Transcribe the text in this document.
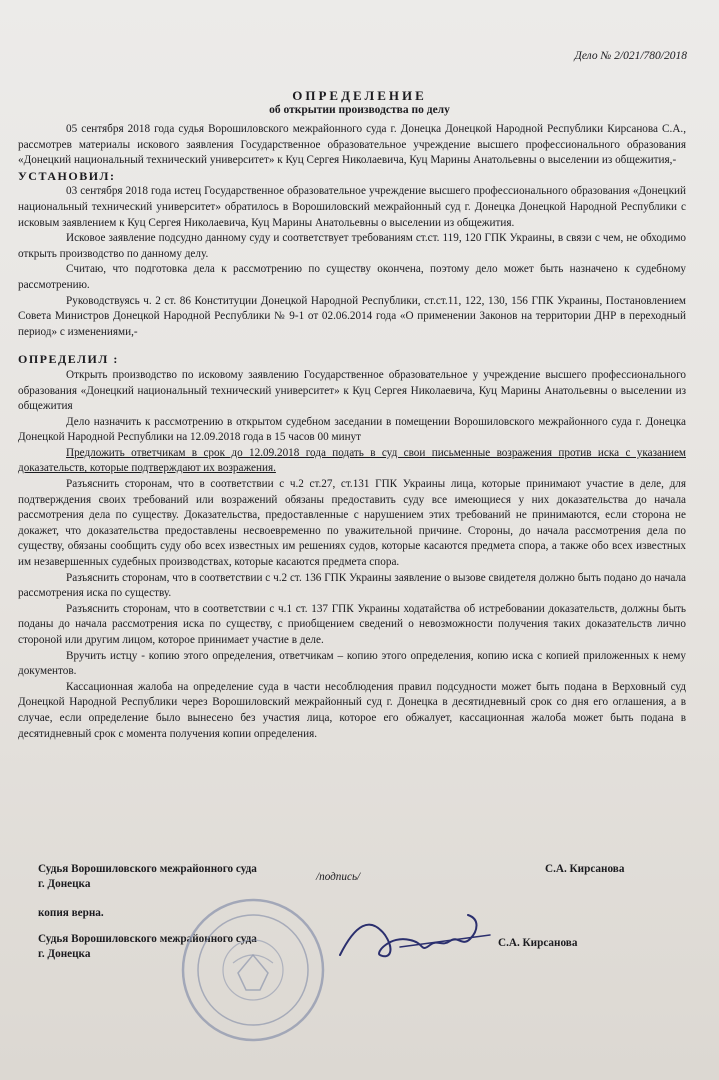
Дело № 2/021/780/2018
ОПРЕДЕЛЕНИЕ
об открытии производства по делу

05 сентября 2018 года судья Ворошиловского межрайонного суда г. Донецка Донецкой Народной Республики Кирсанова С.А., рассмотрев материалы искового заявления Государственное образовательное учреждение высшего профессионального образования «Донецкий национальный технический университет» к Куц Сергея Николаевича, Куц Марины Анатольевны о выселении из общежития,-

УСТАНОВИЛ:

03 сентября 2018 года истец Государственное образовательное учреждение высшего профессионального образования «Донецкий национальный технический университет» обратилось в Ворошиловский межрайонный суд г. Донецка Донецкой Народной Республики с исковым заявлением к Куц Сергея Николаевича, Куц Марины Анатольевны о выселении из общежития.

Исковое заявление подсудно данному суду и соответствует требованиям ст.ст. 119, 120 ГПК Украины, в связи с чем, не обходимо открыть производство по данному делу.

Считаю, что подготовка дела к рассмотрению по существу окончена, поэтому дело может быть назначено к судебному рассмотрению.

Руководствуясь ч. 2 ст. 86 Конституции Донецкой Народной Республики, ст.ст.11, 122, 130, 156 ГПК Украины, Постановлением Совета Министров Донецкой Народной Республики № 9-1 от 02.06.2014 года «О применении Законов на территории ДНР в переходный период» с изменениями,-

ОПРЕДЕЛИЛ :

Открыть производство по исковому заявлению Государственное образовательное у учреждение высшего профессионального образования «Донецкий национальный технический университет» к Куц Сергея Николаевича, Куц Марины Анатольевны о выселении из общежития

Дело назначить к рассмотрению в открытом судебном заседании в помещении Ворошиловского межрайонного суда г. Донецка Донецкой Народной Республики на 12.09.2018 года в 15 часов 00 минут

Предложить ответчикам в срок до 12.09.2018 года подать в суд свои письменные возражения против иска с указанием доказательств, которые подтверждают их возражения.

Разъяснить сторонам, что в соответствии с ч.2 ст.27, ст.131 ГПК Украины лица, которые принимают участие в деле, для подтверждения своих требований или возражений обязаны предоставить суду все имеющиеся у них доказательства до начала рассмотрения дела по существу. Доказательства, предоставленные с нарушением этих требований не принимаются, если сторона не докажет, что доказательства предоставлены несвоевременно по уважительной причине. Стороны, до начала рассмотрения дела по существу, обязаны сообщить суду обо всех известных им решениях судов, которые касаются предмета спора, а также обо всех известных им незавершенных судебных производствах, которые касаются предмета спора.

Разъяснить сторонам, что в соответствии с ч.2 ст. 136 ГПК Украины заявление о вызове свидетеля должно быть подано до начала рассмотрения иска по существу.

Разъяснить сторонам, что в соответствии с ч.1 ст. 137 ГПК Украины ходатайства об истребовании доказательств, должны быть поданы до начала рассмотрения иска по существу, с приобщением сведений о невозможности получения таких доказательств лично стороной или другим лицом, которое принимает участие в деле.

Вручить истцу - копию этого определения, ответчикам – копию этого определения, копию иска с копией приложенных к нему документов.

Кассационная жалоба на определение суда в части несоблюдения правил подсудности может быть подана в Верховный суд Донецкой Народной Республики через Ворошиловский межрайонный суд г. Донецка в десятидневный срок со дня его оглашения, а в случае, если определение было вынесено без участия лица, которое его обжалует, кассационная жалоба может быть подана в десятидневный срок с момента получения копии определения.

Судья Ворошиловского межрайонного суда
г. Донецка
/подпись/
С.А. Кирсанова
копия верна.
Судья Ворошиловского межрайонного суда
г. Донецка
С.А. Кирсанова
